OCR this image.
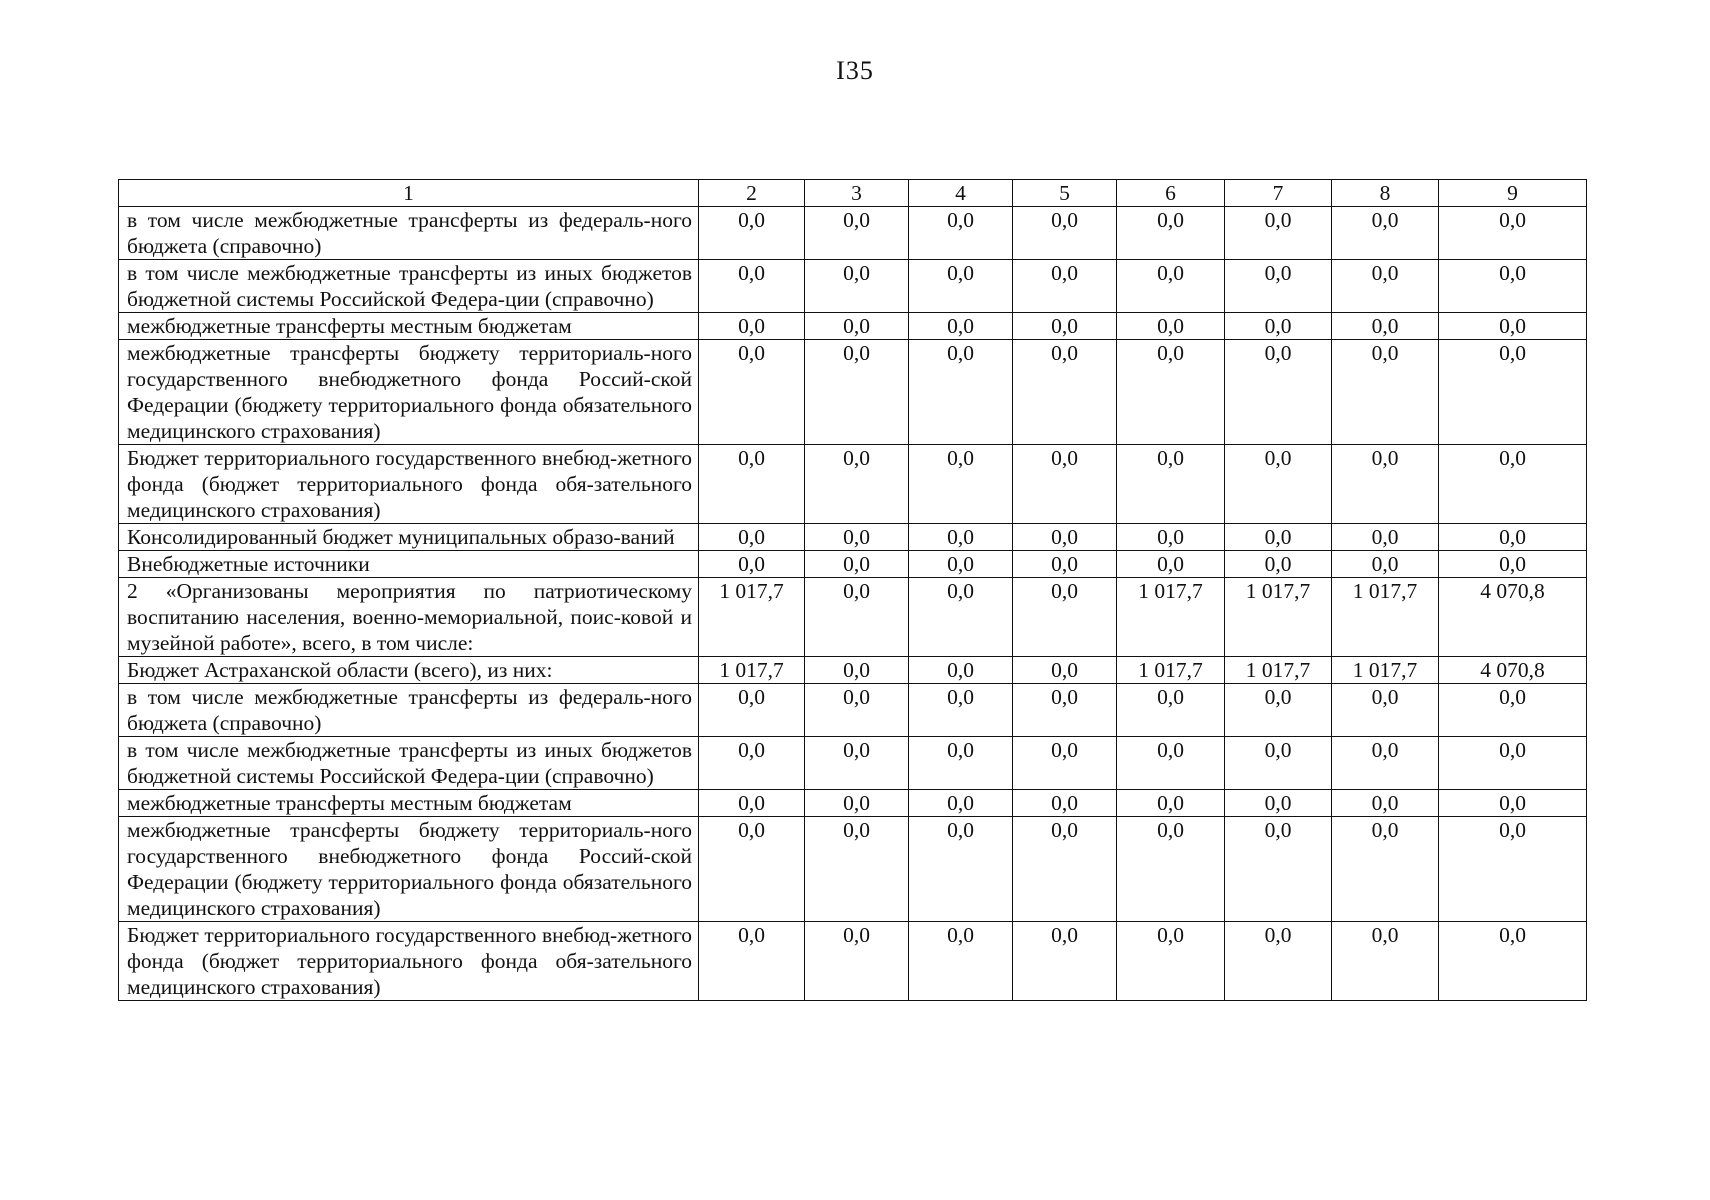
I35
1	2	3	4	5	6	7	8	9
в том числе межбюджетные трансферты из федераль-ного бюджета (справочно)	0,0	0,0	0,0	0,0	0,0	0,0	0,0	0,0
в том числе межбюджетные трансферты из иных бюджетов бюджетной системы Российской Федера-ции (справочно)	0,0	0,0	0,0	0,0	0,0	0,0	0,0	0,0
межбюджетные трансферты местным бюджетам	0,0	0,0	0,0	0,0	0,0	0,0	0,0	0,0
межбюджетные трансферты бюджету территориаль-ного государственного внебюджетного фонда Россий-ской Федерации (бюджету территориального фонда обязательного медицинского страхования)	0,0	0,0	0,0	0,0	0,0	0,0	0,0	0,0
Бюджет территориального государственного внебюд-жетного фонда (бюджет территориального фонда обя-зательного медицинского страхования)	0,0	0,0	0,0	0,0	0,0	0,0	0,0	0,0
Консолидированный бюджет муниципальных образо-ваний	0,0	0,0	0,0	0,0	0,0	0,0	0,0	0,0
Внебюджетные источники	0,0	0,0	0,0	0,0	0,0	0,0	0,0	0,0
2 «Организованы мероприятия по патриотическому воспитанию населения, военно-мемориальной, поис-ковой и музейной работе», всего, в том числе:	1 017,7	0,0	0,0	0,0	1 017,7	1 017,7	1 017,7	4 070,8
Бюджет Астраханской области (всего), из них:	1 017,7	0,0	0,0	0,0	1 017,7	1 017,7	1 017,7	4 070,8
в том числе межбюджетные трансферты из федераль-ного бюджета (справочно)	0,0	0,0	0,0	0,0	0,0	0,0	0,0	0,0
в том числе межбюджетные трансферты из иных бюджетов бюджетной системы Российской Федера-ции (справочно)	0,0	0,0	0,0	0,0	0,0	0,0	0,0	0,0
межбюджетные трансферты местным бюджетам	0,0	0,0	0,0	0,0	0,0	0,0	0,0	0,0
межбюджетные трансферты бюджету территориаль-ного государственного внебюджетного фонда Россий-ской Федерации (бюджету территориального фонда обязательного медицинского страхования)	0,0	0,0	0,0	0,0	0,0	0,0	0,0	0,0
Бюджет территориального государственного внебюд-жетного фонда (бюджет территориального фонда обя-зательного медицинского страхования)	0,0	0,0	0,0	0,0	0,0	0,0	0,0	0,0
